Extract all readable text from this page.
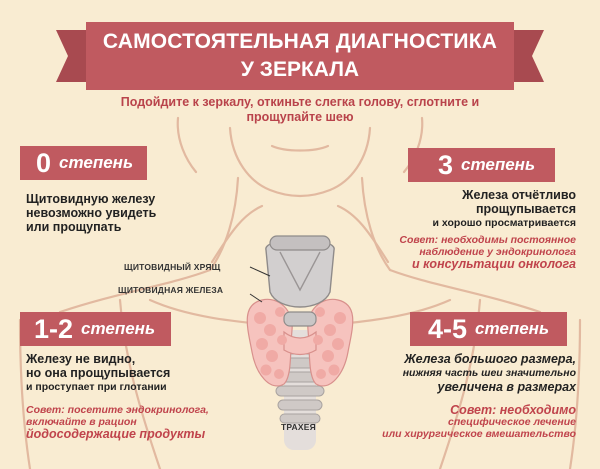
САМОСТОЯТЕЛЬНАЯ ДИАГНОСТИКА
У ЗЕРКАЛА
Подойдите к зеркалу, откиньте слегка голову, сглотните и
прощупайте шею
ЩИТОВИДНЫЙ ХРЯЩ
ЩИТОВИДНАЯ ЖЕЛЕЗА
ТРАХЕЯ
0 степень
Щитовидную железу
невозможно увидеть
или прощупать
1-2 степень
Железу не видно,
но она прощупывается
и проступает при глотании
Совет: посетите эндокринолога,
включайте в рацион
йодосодержащие продукты
3 степень
Железа отчётливо
прощупывается
и хорошо просматривается
Совет: необходимы постоянное
наблюдение у эндокринолога
и консультации онколога
4-5 степень
Железа большого размера,
нижняя часть шеи значительно
увеличена в размерах
Совет: необходимо
специфическое лечение
или хирургическое вмешательство
